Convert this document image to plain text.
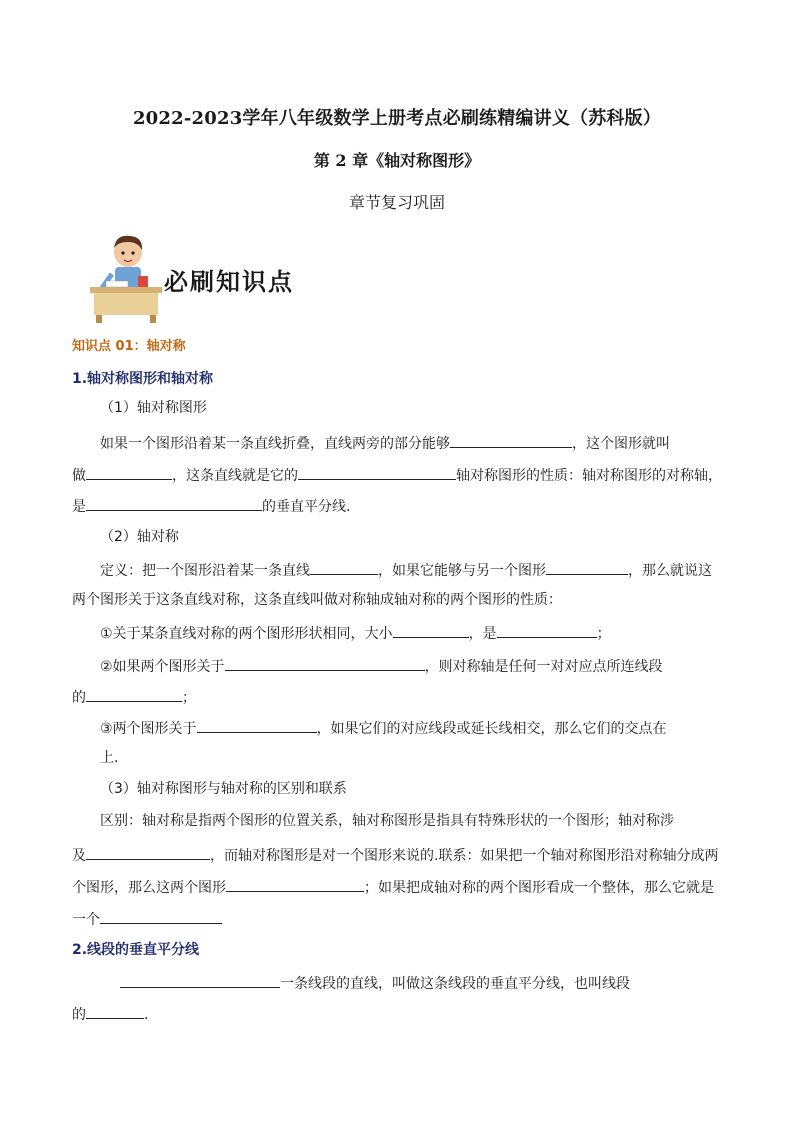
2022-2023学年八年级数学上册考点必刷练精编讲义（苏科版）
第 2 章《轴对称图形》
章节复习巩固
必刷知识点
知识点 01：轴对称
1.轴对称图形和轴对称
（1）轴对称图形
如果一个图形沿着某一条直线折叠，直线两旁的部分能够	，这个图形就叫
做	，这条直线就是它的	轴对称图形的性质：轴对称图形的对称轴，
是	的垂直平分线.
（2）轴对称
定义：把一个图形沿着某一条直线	，如果它能够与另一个图形	，那么就说这
两个图形关于这条直线对称，这条直线叫做对称轴成轴对称的两个图形的性质：
①关于某条直线对称的两个图形形状相同，大小	，是	；
②如果两个图形关于	，则对称轴是任何一对对应点所连线段
的	；
③两个图形关于	，如果它们的对应线段或延长线相交，那么它们的交点在
上.
（3）轴对称图形与轴对称的区别和联系
区别：轴对称是指两个图形的位置关系，轴对称图形是指具有特殊形状的一个图形；轴对称涉
及	，而轴对称图形是对一个图形来说的.联系：如果把一个轴对称图形沿对称轴分成两
个图形，那么这两个图形	；如果把成轴对称的两个图形看成一个整体，那么它就是
一个
2.线段的垂直平分线
一条线段的直线，叫做这条线段的垂直平分线，也叫线段
的	.
